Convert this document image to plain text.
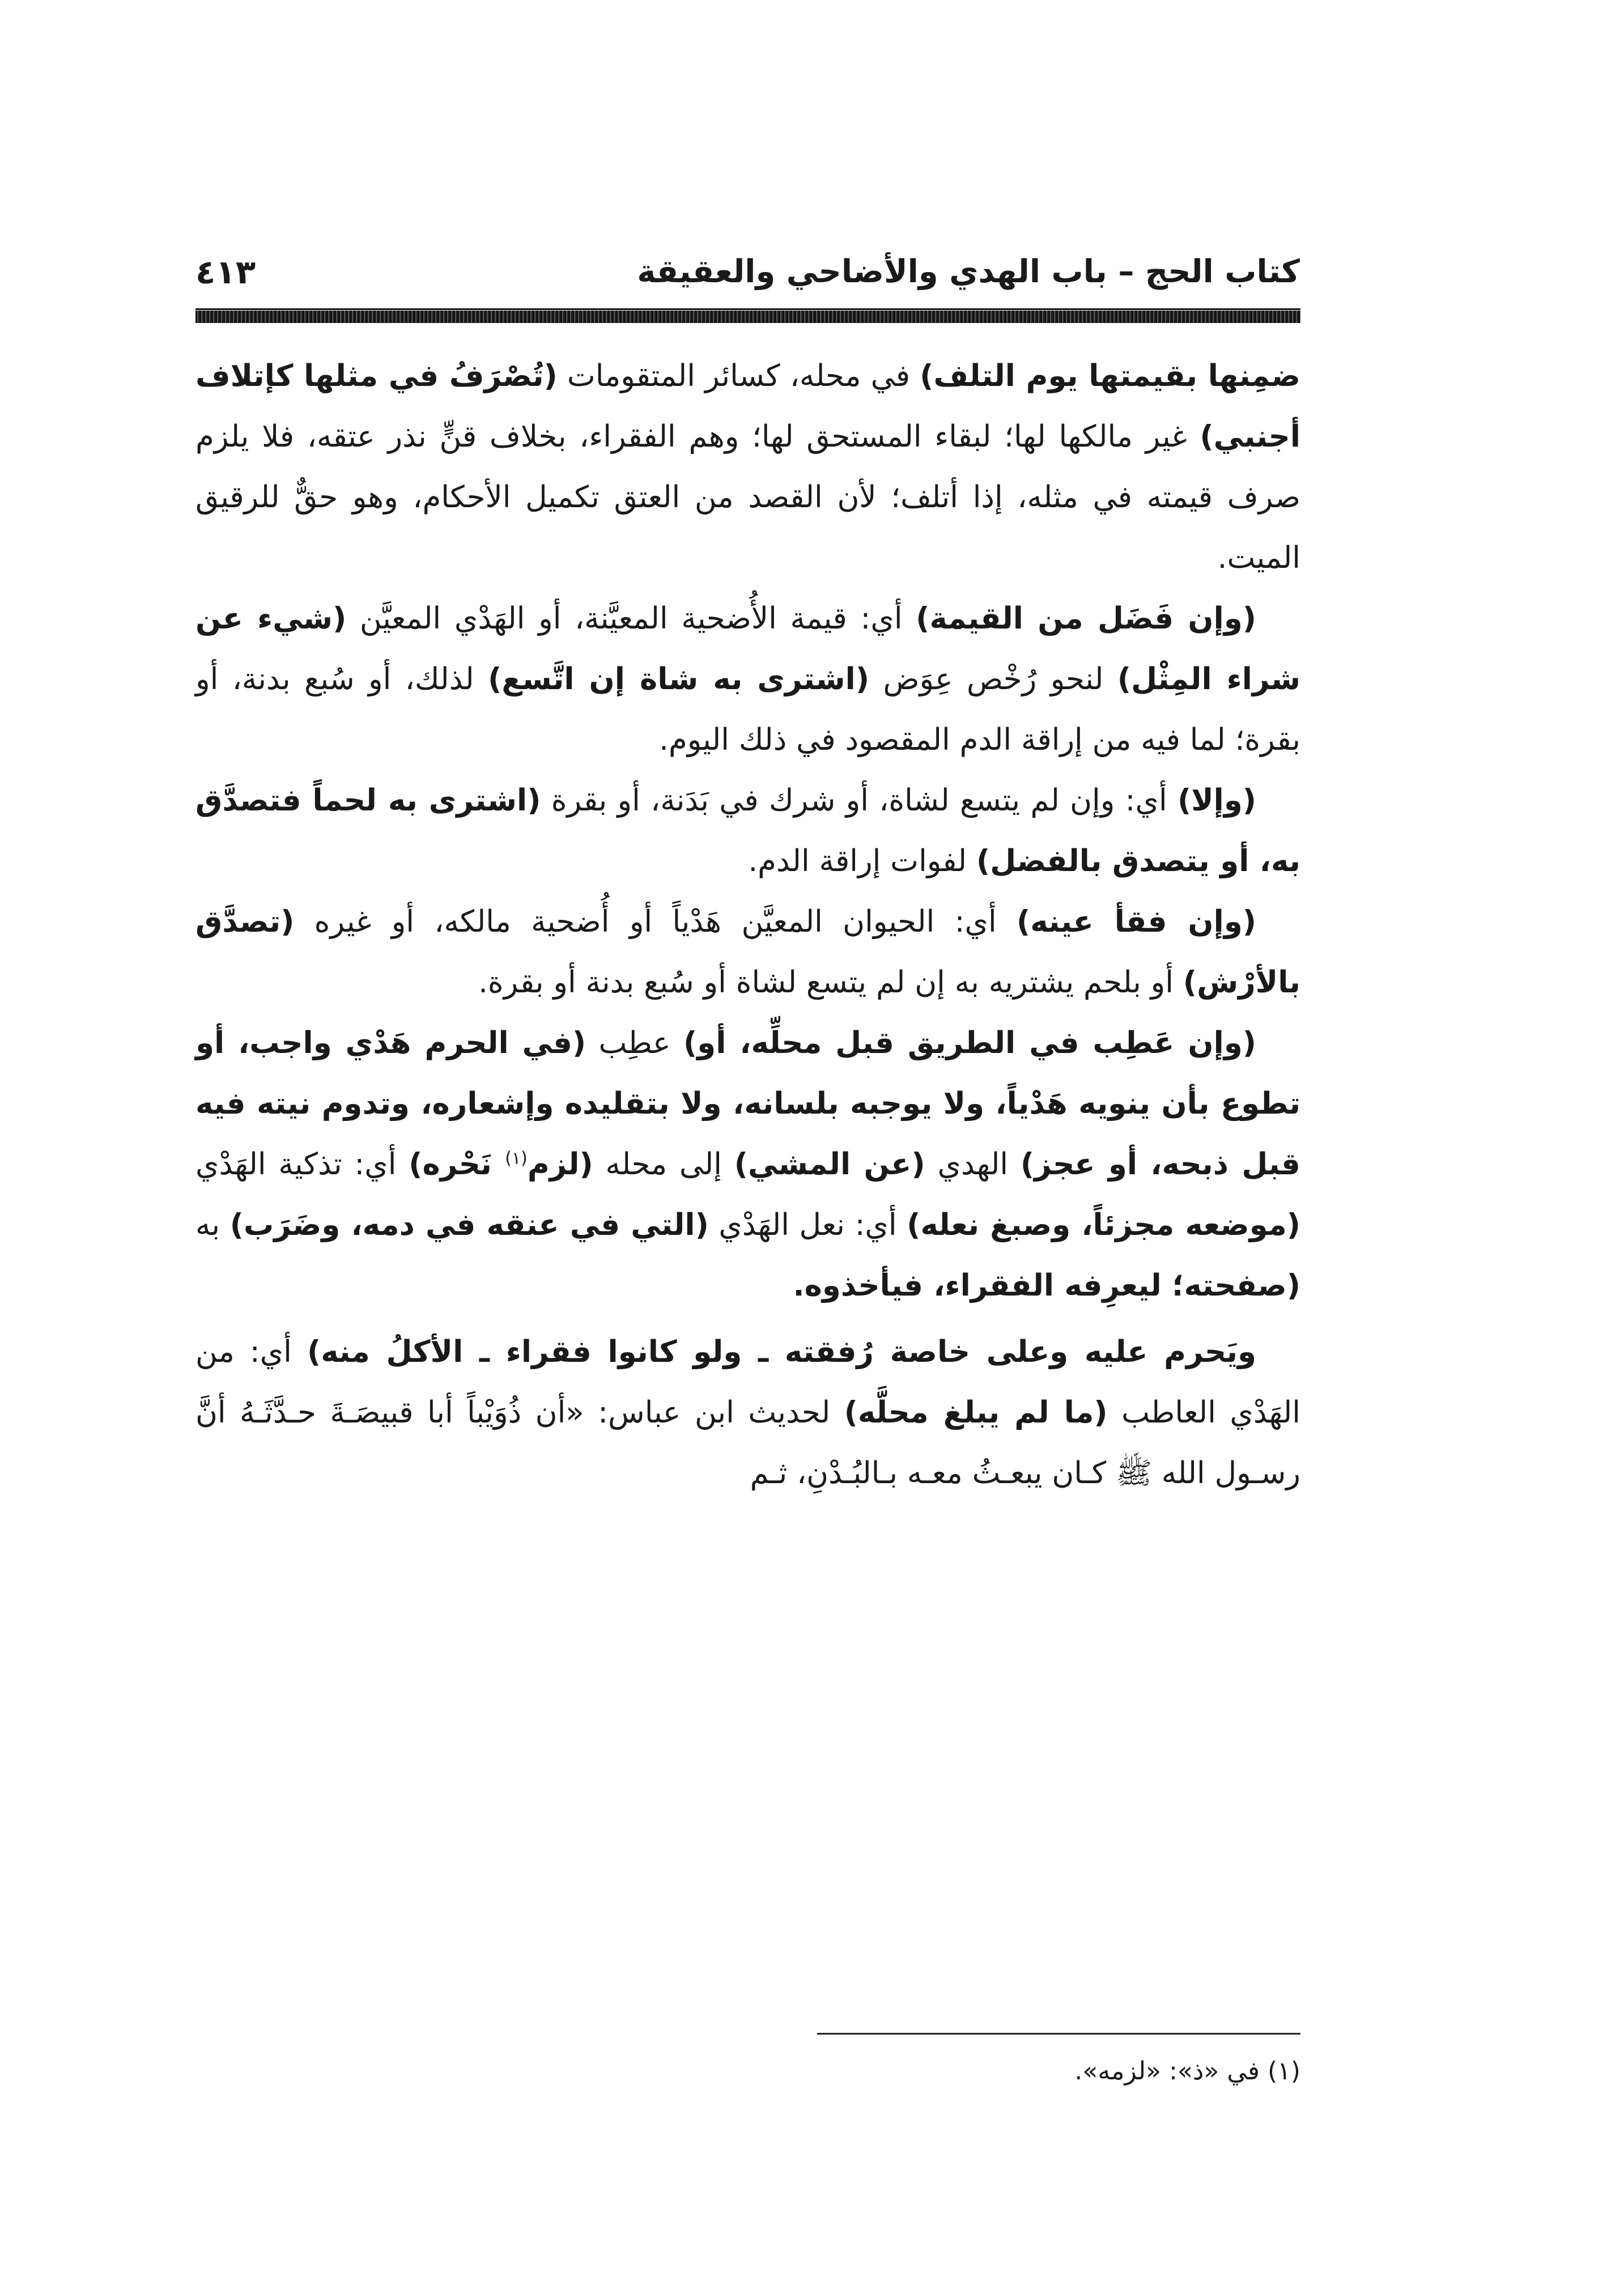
كتاب الحج – باب الهدي والأضاحي والعقيقة
٤١٣

ضمِنها بقيمتها يوم التلف) في محله، كسائر المتقومات (تُصْرَفُ في مثلها كإتلاف أجنبي) غير مالكها لها؛ لبقاء المستحق لها؛ وهم الفقراء، بخلاف قنٍّ نذر عتقه، فلا يلزم صرف قيمته في مثله، إذا أتلف؛ لأن القصد من العتق تكميل الأحكام، وهو حقٌّ للرقيق الميت.

(وإن فَضَل من القيمة) أي: قيمة الأُضحية المعيَّنة، أو الهَدْي المعيَّن (شيء عن شراء المِثْل) لنحو رُخْص عِوَض (اشترى به شاة إن اتَّسع) لذلك، أو سُبع بدنة، أو بقرة؛ لما فيه من إراقة الدم المقصود في ذلك اليوم.

(وإلا) أي: وإن لم يتسع لشاة، أو شرك في بَدَنة، أو بقرة (اشترى به لحماً فتصدَّق به، أو يتصدق بالفضل) لفوات إراقة الدم.

(وإن فقأ عينه) أي: الحيوان المعيَّن هَدْياً أو أُضحية مالكه، أو غيره (تصدَّق بالأرْش) أو بلحم يشتريه به إن لم يتسع لشاة أو سُبع بدنة أو بقرة.

(وإن عَطِب في الطريق قبل محلِّه، أو) عطِب (في الحرم هَدْي واجب، أو تطوع بأن ينويه هَدْياً، ولا يوجبه بلسانه، ولا بتقليده وإشعاره، وتدوم نيته فيه قبل ذبحه، أو عجز) الهدي (عن المشي) إلى محله (لزم$^{(١)}$ نَحْره) أي: تذكية الهَدْي (موضعه مجزئاً، وصبغ نعله) أي: نعل الهَدْي (التي في عنقه في دمه، وضَرَب) به (صفحته؛ ليعرِفه الفقراء، فيأخذوه.

ويَحرم عليه وعلى خاصة رُفقته ـ ولو كانوا فقراء ـ الأكلُ منه) أي: من الهَدْي العاطب (ما لم يبلغ محلَّه) لحديث ابن عباس: «أن ذُوَيْباً أبا قبيصَـةَ حـدَّثَـهُ أنَّ رسـول الله ﷺ كـان يبعـثُ معـه بـالبُـدْنِ، ثـم

(١) في «ذ»: «لزمه».
